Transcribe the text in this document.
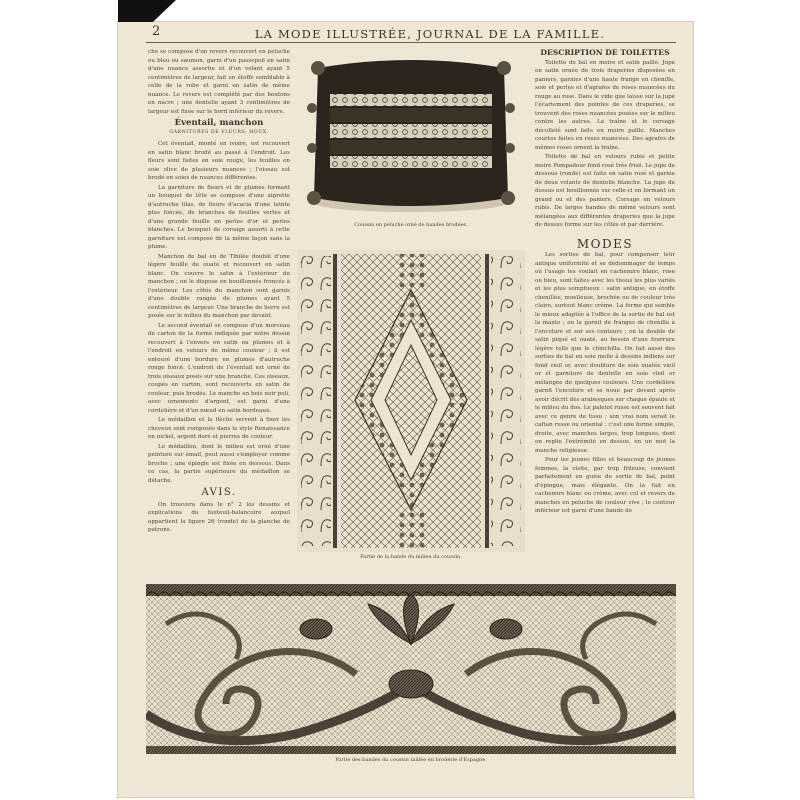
2	LA MODE ILLUSTRÉE, JOURNAL DE LA FAMILLE.

che se compose d'un revers recouvert en peluche ou bleu ou saumon, garni d'un passepoil en satin d'une nuance assortie et d'un volant ayant 5 centimètres de largeur, fait en étoffe semblable à celle de la robe et garni en satin de même nuance. Le revers est complété par des boutons en nacre ; une dentelle ayant 3 centimètres de largeur est fixée sur le bord inférieur du revers.

Éventail, manchon
GARNITURES DE FLEURS, HOUX.

Cet éventail, monté en ivoire, est recouvert en satin blanc brodé au passé à l'endroit. Les fleurs sont faites en soie rouge, les feuilles en soie olive de plusieurs nuances ; l'oiseau est brodé en soies de nuances différentes.

La garniture de fleurs et de plumes formant un bouquet de tête se compose d'une aigrette d'autruche lilas, de fleurs d'acacia d'une teinte plus foncée, de branches de feuilles vertes et d'une grande feuille en perles d'or et perles blanches. Le bouquet de corsage assorti à cette garniture est composé de la même façon sans la plume.

Manchon de bal en de Tibilée doublé d'une légère feuille de ouaté et recouvert en satin blanc. On couvre le satin à l'extérieur du manchon ; on le dispose en bouillonnés froncés à l'extérieur. Les côtés du manchon sont garnis d'une double rangée de plumes ayant 5 centimètres de largeur. Une branche de lierre est posée sur le milieu du manchon par devant.

Le second éventail se compose d'un morceau de carton de la forme indiquée par notre dessin recouvert à l'envers en satin ou plumes et à l'endroit en velours de même couleur ; il est entouré d'une bordure en plumes d'autruche rouge foncé. L'endroit de l'éventail est orné de trois oiseaux posés sur une branche. Ces oiseaux, coupés en carton, sont recouverts en satin de couleur, puis brodés. Le manche en bois noir poli, avec ornements d'argent, est garni d'une cordelière et d'un nœud en satin bordeaux.

Le médaillon et la flèche servent à fixer les cheveux sont composés dans le style Renaissance en nickel, argent doré et pierres de couleur.

Le médaillon, dont le milieu est orné d'une peinture sur émail, peut aussi s'employer comme broche ; une épingle est fixée en dessous. Dans ce cas, la partie supérieure du médaillon se détache.

AVIS.

On trouvera dans le n° 2 les dessins et explications du fauteuil-balancoire auquel appartient la figure 26 (ronde) de la planche de patrons.

Coussin en peluche orné de bandes brodées.
Partie de la bande du milieu du coussin.
DESCRIPTION DE TOILETTES

Toilette de bal en moire et satin paille. Jupe en satin ornée de trois draperies disposées en paniers, garnies d'une haute frange en chenille, soie et perles et d'agrafes de roses nuancées du rouge au rose. Dans le vide que laisse sur la jupe l'écartement des pointes de ces draperies, se trouvent des roses nuancées posées sur le milieu contre les autres. La traîne et le corsage décolleté sont faits en moire paille. Manches courtes faites en roses nuancées. Des agrafes de mêmes roses ornent la traîne.

Toilette de bal en velours rubis et petite moire Pompadour fond rosé très frisé. Le jupe de dessous (ronde) est faite en satin rosé et garnie de deux volants de dentelle blanche. La jupe de dessus est bouillonnée sur celle-ci en formant un grand ou et des paniers. Corsage en velours rubis. De larges bandes de même velours sont mélangées aux différentes draperies que la jupe de dessus forme sur les côtés et par derrière.

MODES

Les sorties de bal, pour compenser leur antique uniformité et se dédommager de temps où l'usage les voulait en cachemire blanc, rose ou bleu, sont faites avec les tissus les plus variés et les plus somptueux : satin antique, en étoffe chenillée, moelleuse, brochée ou de couleur très claire, surtout blanc crème. La forme qui semble le mieux adaptée à l'office de la sortie de bal est la mante ; on la garnit de franges de chenille à l'encolure et sur ses contours ; on la double de satin piqué et ouaté, au besoin d'une fourrure légère telle que le chinchilla. On fait aussi des sorties de bal en soie molle à dessins indiens sur fond vieil or, avec doublure de soie ouatée vieil or et garniture de dentelle en soie vieil or mélangée de quelques couleurs. Une cordelière garnit l'encolure et se noue par devant après avoir décrit des arabesques sur chaque épaule et le milieu du dos. Le paletot russe est souvent fait avec ce genre de tissu ; son vrai nom serait le caftan russe ou oriental : c'est une forme simple, droite, avec manches larges, trop longues, dont on replie l'extrémité en dessus, en un mot la manche religieuse.

Pour les jeunes filles et beaucoup de jeunes femmes, la visite, par trop frileuse, convient parfaitement en guise de sortie de bal, point d'épingue, mais élégante. On la fait en cachemire blanc ou crème, avec col et revers de manches en peluche de couleur vive ; le contour inférieur est garni d'une bande de

Partie des bandes du coussin taillée en broderie d'Espagne.
